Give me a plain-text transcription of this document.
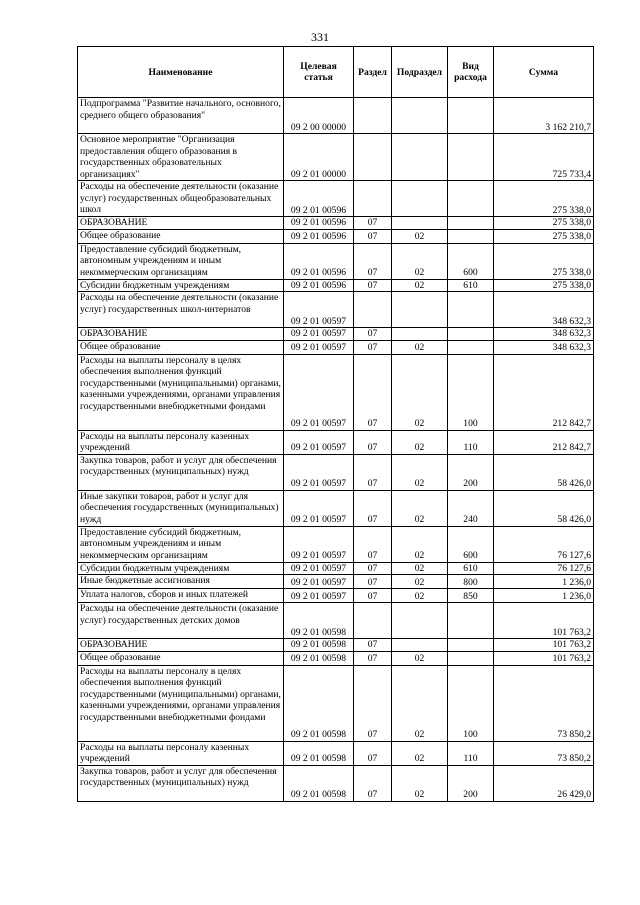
331
Наименование	Целевая статья	Раздел	Подраздел	Вид расхода	Сумма
Подпрограмма "Развитие начального, основного, среднего общего образования"	09 2 00 00000				3 162 210,7
Основное мероприятие "Организация предоставления общего образования в государственных образовательных организациях"	09 2 01 00000				725 733,4
Расходы на обеспечение деятельности (оказание услуг) государственных общеобразовательных школ	09 2 01 00596				275 338,0
ОБРАЗОВАНИЕ	09 2 01 00596	07			275 338,0
Общее образование	09 2 01 00596	07	02		275 338,0
Предоставление субсидий бюджетным, автономным учреждениям и иным некоммерческим организациям	09 2 01 00596	07	02	600	275 338,0
Субсидии бюджетным учреждениям	09 2 01 00596	07	02	610	275 338,0
Расходы на обеспечение деятельности (оказание услуг) государственных школ-интернатов	09 2 01 00597				348 632,3
ОБРАЗОВАНИЕ	09 2 01 00597	07			348 632,3
Общее образование	09 2 01 00597	07	02		348 632,3
Расходы на выплаты персоналу в целях обеспечения выполнения функций государственными (муниципальными) органами, казенными учреждениями, органами управления государственными внебюджетными фондами	09 2 01 00597	07	02	100	212 842,7
Расходы на выплаты персоналу казенных учреждений	09 2 01 00597	07	02	110	212 842,7
Закупка товаров, работ и услуг для обеспечения государственных (муниципальных) нужд	09 2 01 00597	07	02	200	58 426,0
Иные закупки товаров, работ и услуг для обеспечения государственных (муниципальных) нужд	09 2 01 00597	07	02	240	58 426,0
Предоставление субсидий бюджетным, автономным учреждениям и иным некоммерческим организациям	09 2 01 00597	07	02	600	76 127,6
Субсидии бюджетным учреждениям	09 2 01 00597	07	02	610	76 127,6
Иные бюджетные ассигнования	09 2 01 00597	07	02	800	1 236,0
Уплата налогов, сборов и иных платежей	09 2 01 00597	07	02	850	1 236,0
Расходы на обеспечение деятельности (оказание услуг) государственных детских домов	09 2 01 00598				101 763,2
ОБРАЗОВАНИЕ	09 2 01 00598	07			101 763,2
Общее образование	09 2 01 00598	07	02		101 763,2
Расходы на выплаты персоналу в целях обеспечения выполнения функций государственными (муниципальными) органами, казенными учреждениями, органами управления государственными внебюджетными фондами	09 2 01 00598	07	02	100	73 850,2
Расходы на выплаты персоналу казенных учреждений	09 2 01 00598	07	02	110	73 850,2
Закупка товаров, работ и услуг для обеспечения государственных (муниципальных) нужд	09 2 01 00598	07	02	200	26 429,0
